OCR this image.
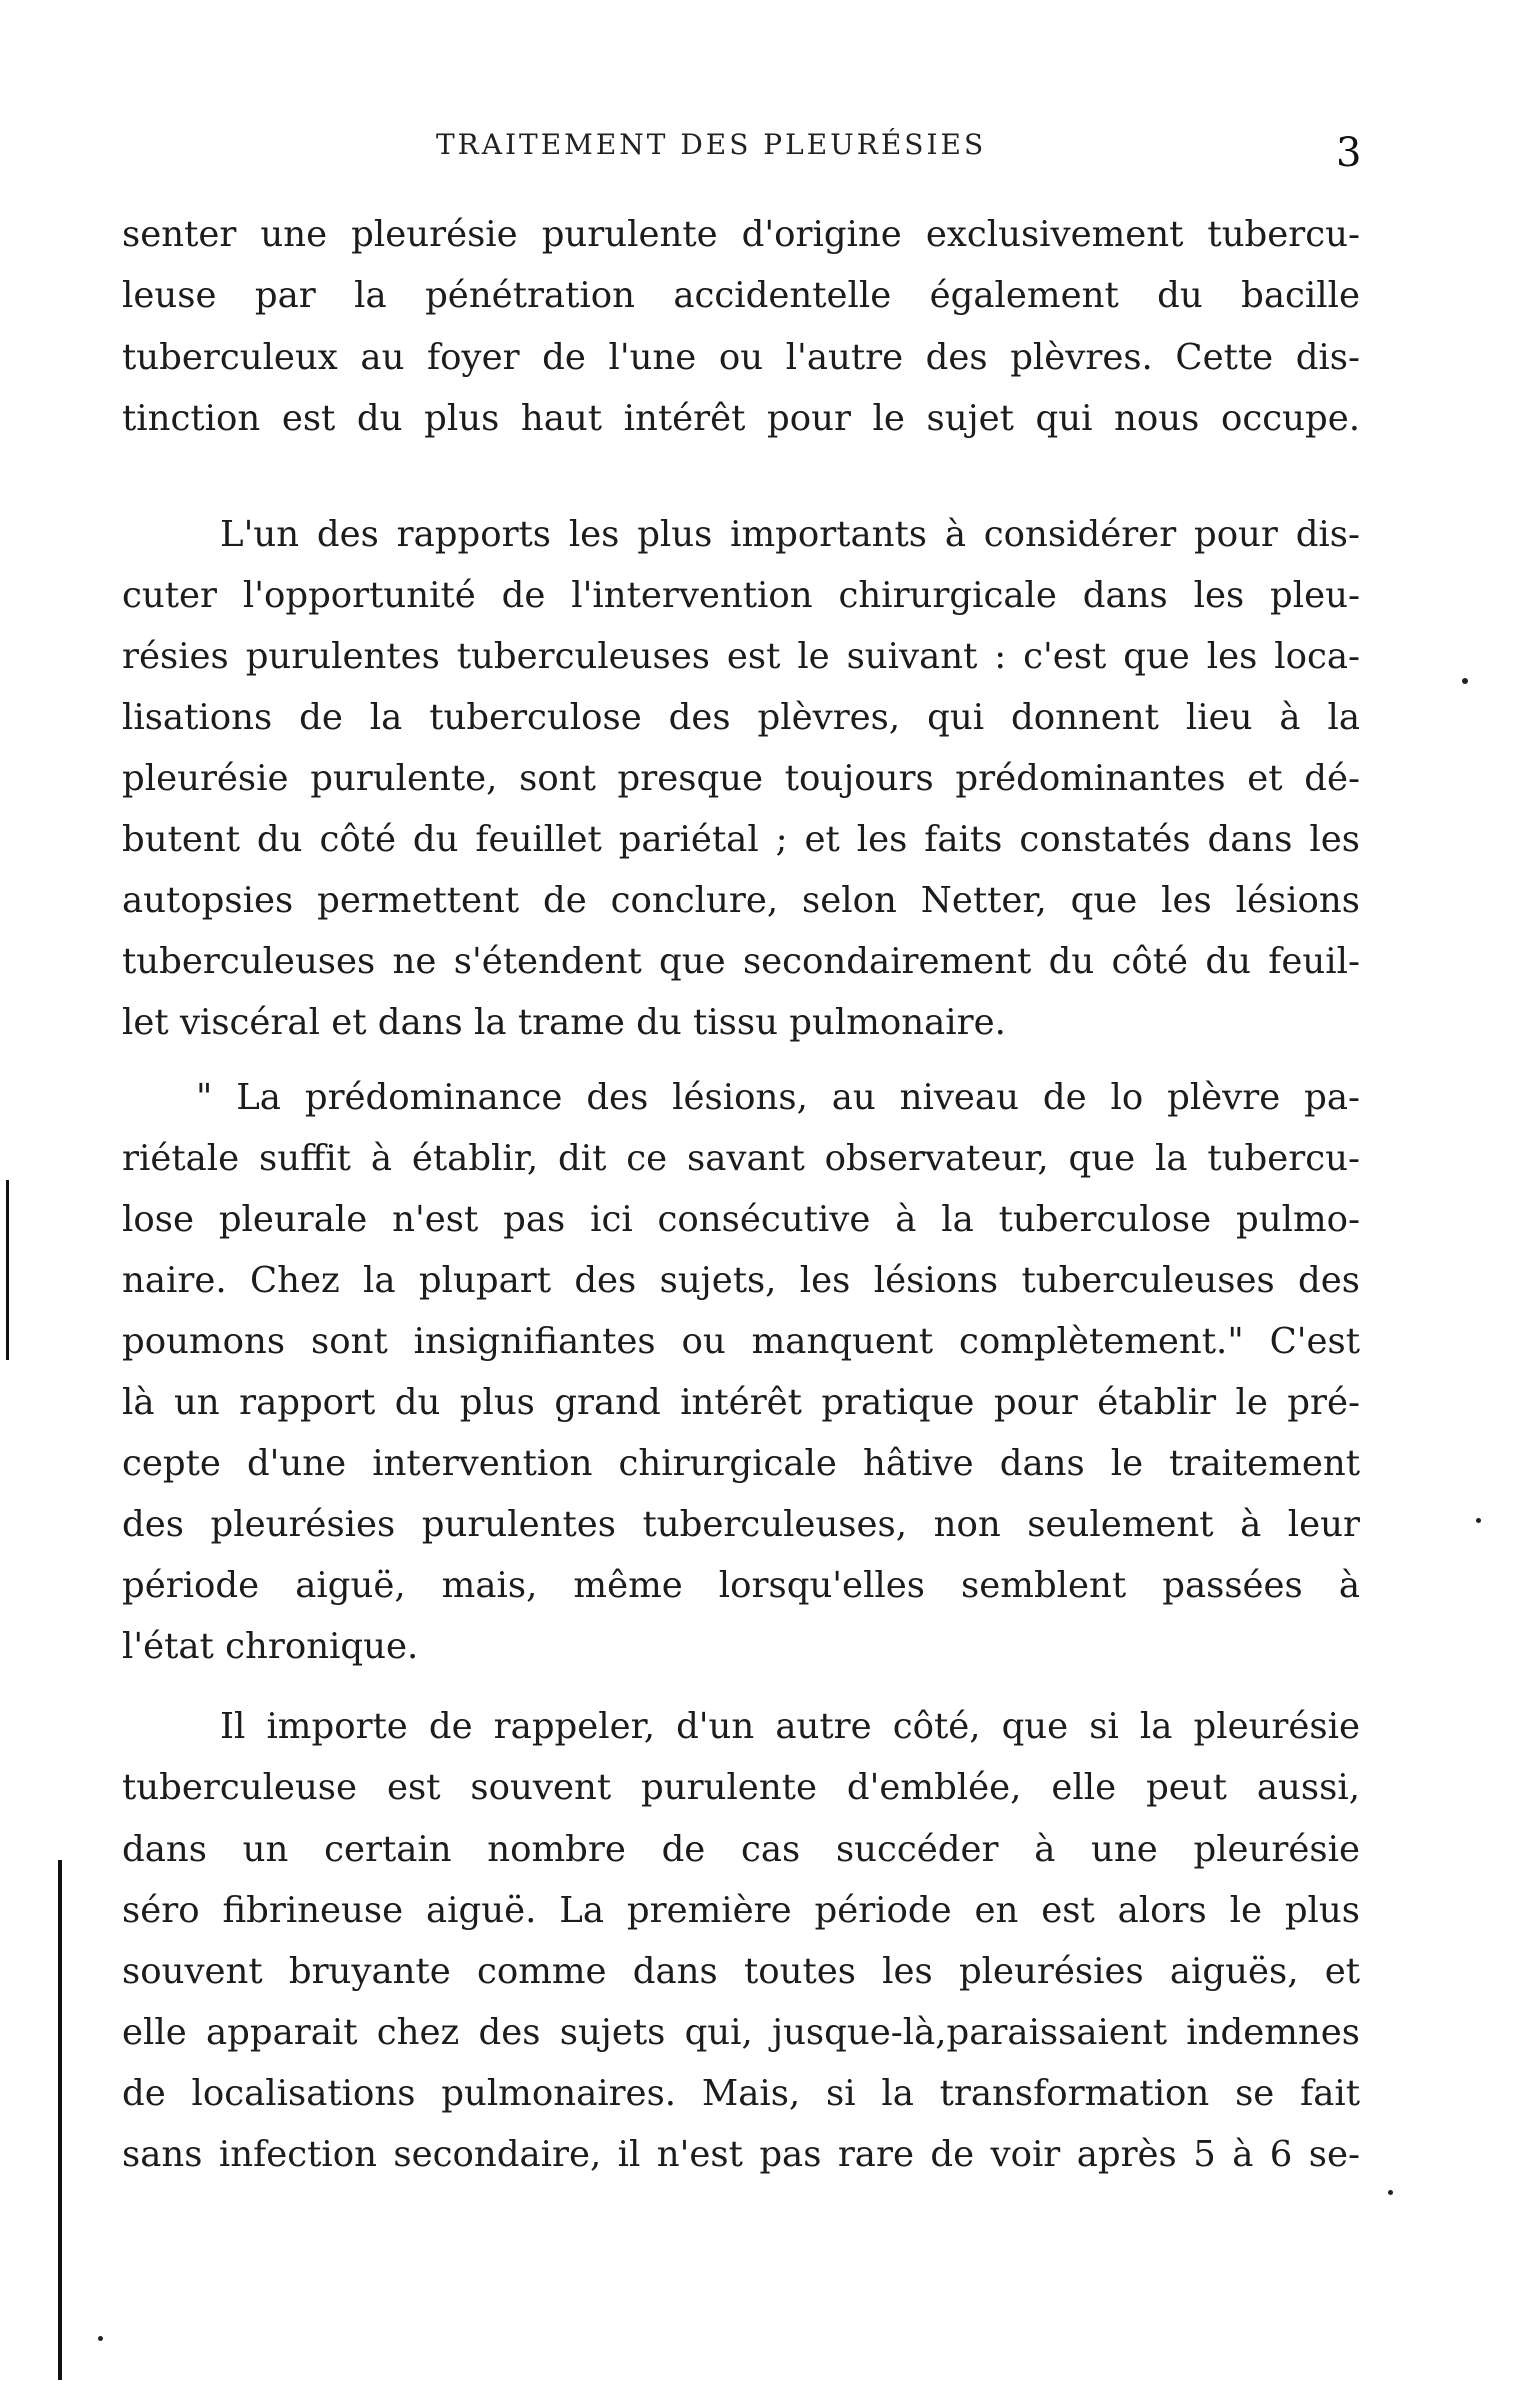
TRAITEMENT DES PLEURÉSIES	3
senter une pleurésie purulente d'origine exclusivement tubercu-
leuse par la pénétration accidentelle également du bacille
tuberculeux au foyer de l'une ou l'autre des plèvres. Cette dis-
tinction est du plus haut intérêt pour le sujet qui nous occupe.
L'un des rapports les plus importants à considérer pour dis-
cuter l'opportunité de l'intervention chirurgicale dans les pleu-
résies purulentes tuberculeuses est le suivant : c'est que les loca-
lisations de la tuberculose des plèvres, qui donnent lieu à la
pleurésie purulente, sont presque toujours prédominantes et dé-
butent du côté du feuillet pariétal ; et les faits constatés dans les
autopsies permettent de conclure, selon Netter, que les lésions
tuberculeuses ne s'étendent que secondairement du côté du feuil-
let viscéral et dans la trame du tissu pulmonaire.
" La prédominance des lésions, au niveau de lo plèvre pa-
riétale suffit à établir, dit ce savant observateur, que la tubercu-
lose pleurale n'est pas ici consécutive à la tuberculose pulmo-
naire. Chez la plupart des sujets, les lésions tuberculeuses des
poumons sont insignifiantes ou manquent complètement." C'est
là un rapport du plus grand intérêt pratique pour établir le pré-
cepte d'une intervention chirurgicale hâtive dans le traitement
des pleurésies purulentes tuberculeuses, non seulement à leur
période aiguë, mais, même lorsqu'elles semblent passées à
l'état chronique.
Il importe de rappeler, d'un autre côté, que si la pleurésie
tuberculeuse est souvent purulente d'emblée, elle peut aussi,
dans un certain nombre de cas succéder à une pleurésie
séro fibrineuse aiguë. La première période en est alors le plus
souvent bruyante comme dans toutes les pleurésies aiguës, et
elle apparait chez des sujets qui, jusque-là,paraissaient indemnes
de localisations pulmonaires. Mais, si la transformation se fait
sans infection secondaire, il n'est pas rare de voir après 5 à 6 se-
